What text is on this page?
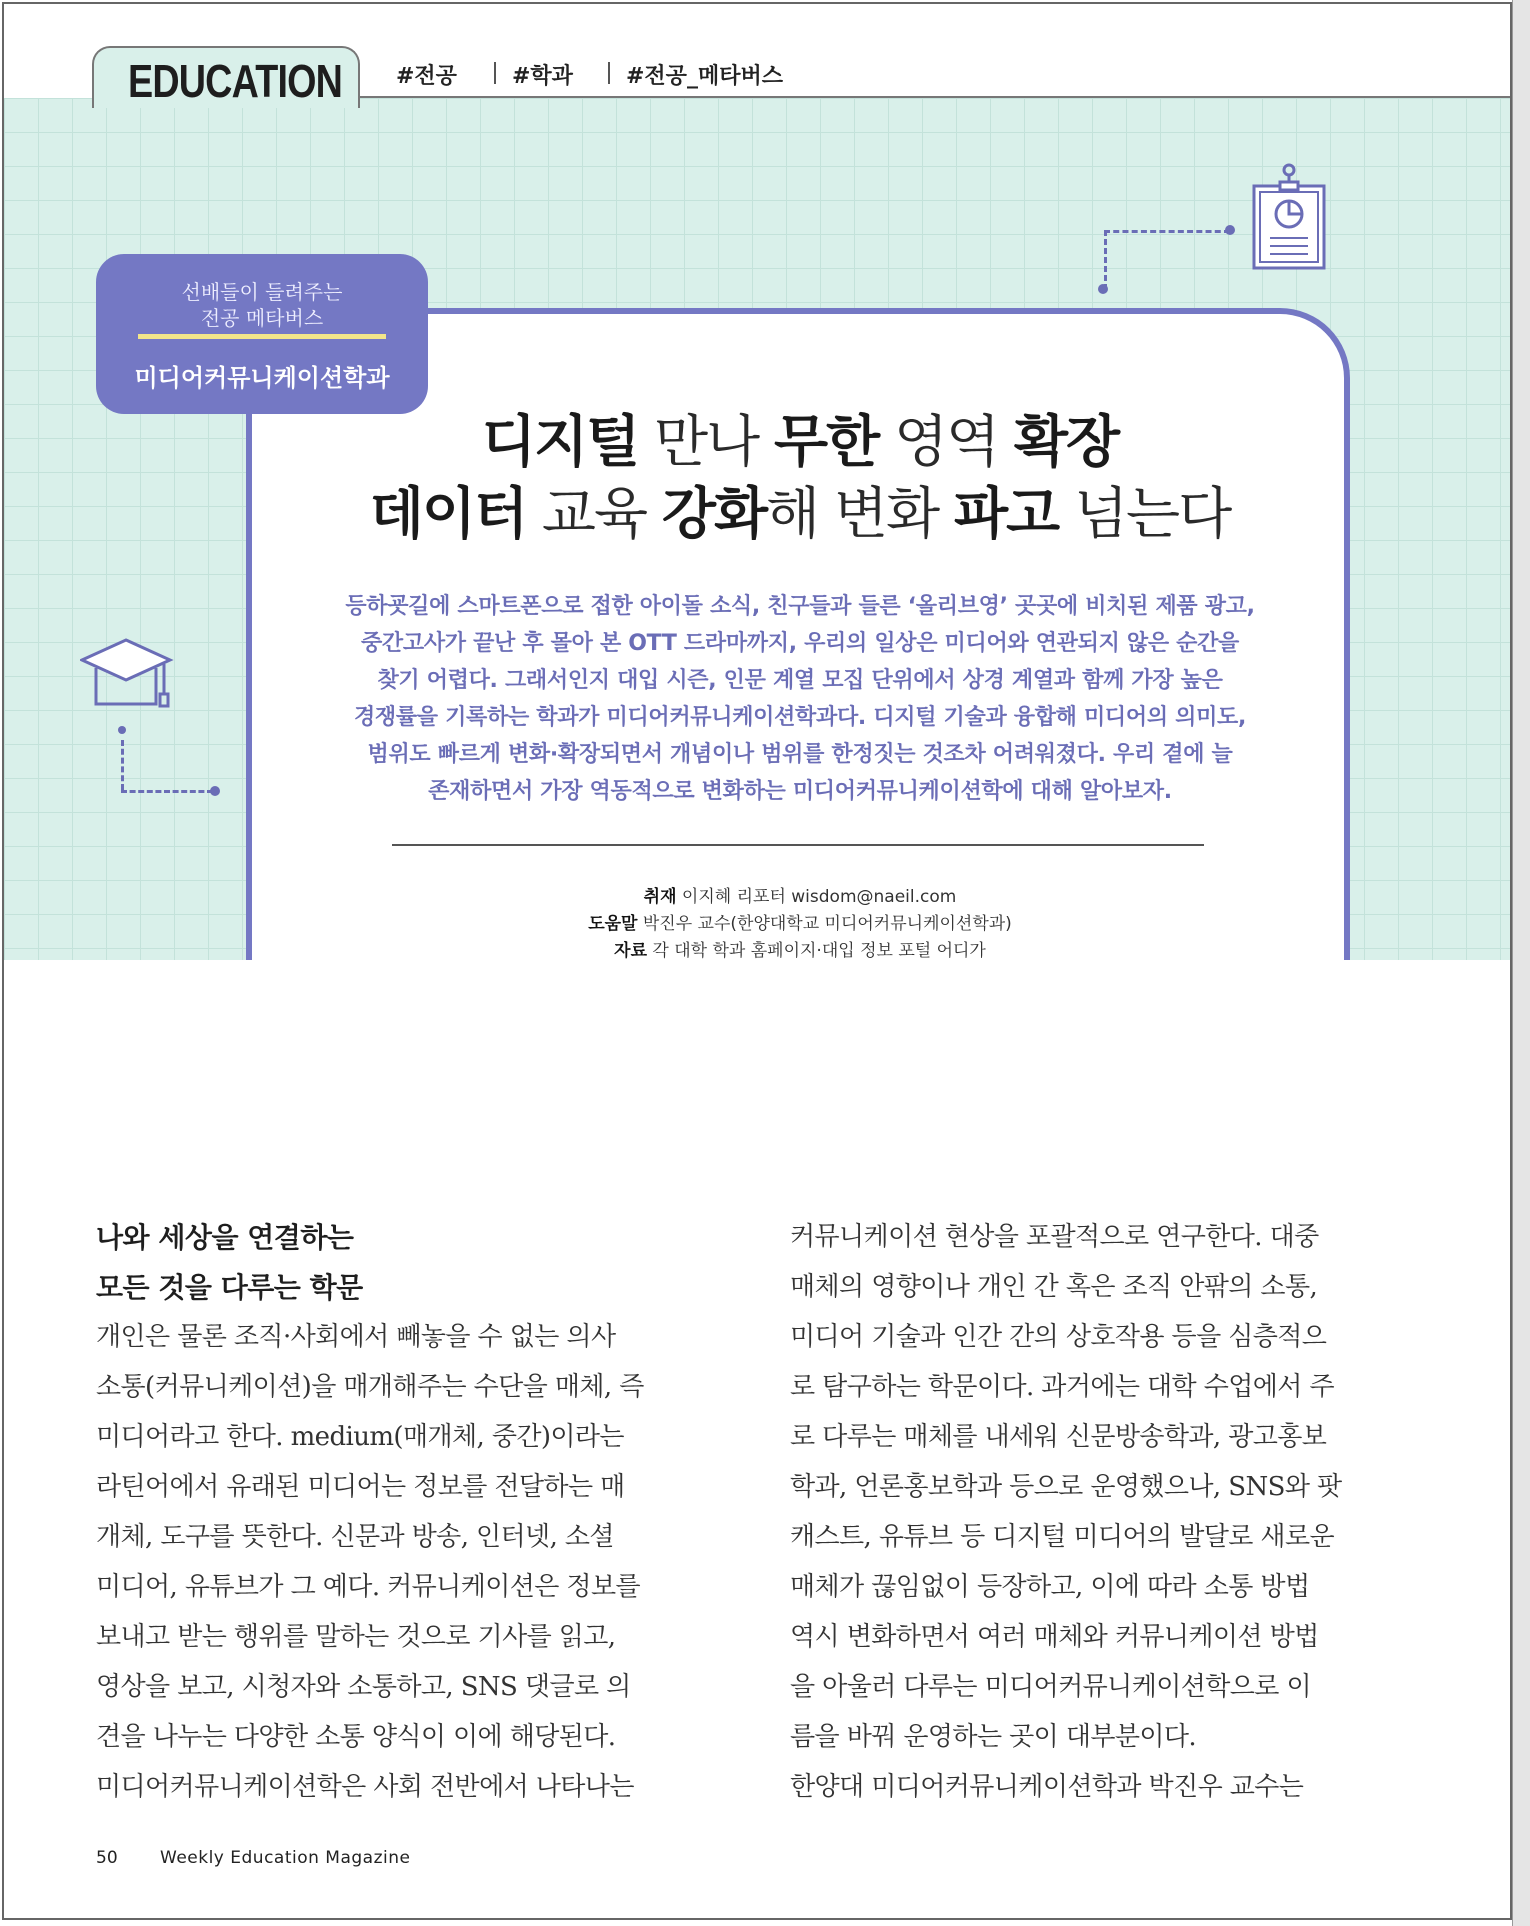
EDUCATION #전공	#학과 #전공_메타버스
선배들이 들려주는
전공 메타버스
미디어커뮤니케이션학과
디지털 만나 무한 영역 확장
데이터 교육 강화해 변화 파고 넘는다
등하굣길에 스마트폰으로 접한 아이돌 소식, 친구들과 들른 ‘올리브영’ 곳곳에 비치된 제품 광고,
중간고사가 끝난 후 몰아 본 OTT 드라마까지, 우리의 일상은 미디어와 연관되지 않은 순간을
찾기 어렵다. 그래서인지 대입 시즌, 인문 계열 모집 단위에서 상경 계열과 함께 가장 높은
경쟁률을 기록하는 학과가 미디어커뮤니케이션학과다. 디지털 기술과 융합해 미디어의 의미도,
범위도 빠르게 변화·확장되면서 개념이나 범위를 한정짓는 것조차 어려워졌다. 우리 곁에 늘
존재하면서 가장 역동적으로 변화하는 미디어커뮤니케이션학에 대해 알아보자.
취재 이지혜 리포터 wisdom@naeil.com
도움말 박진우 교수(한양대학교 미디어커뮤니케이션학과)
자료 각 대학 학과 홈페이지·대입 정보 포털 어디가
나와 세상을 연결하는
모든 것을 다루는 학문
개인은 물론 조직·사회에서 빼놓을 수 없는 의사
소통(커뮤니케이션)을 매개해주는 수단을 매체, 즉
미디어라고 한다. medium(매개체, 중간)이라는
라틴어에서 유래된 미디어는 정보를 전달하는 매
개체, 도구를 뜻한다. 신문과 방송, 인터넷, 소셜
미디어, 유튜브가 그 예다. 커뮤니케이션은 정보를
보내고 받는 행위를 말하는 것으로 기사를 읽고,
영상을 보고, 시청자와 소통하고, SNS 댓글로 의
견을 나누는 다양한 소통 양식이 이에 해당된다.
미디어커뮤니케이션학은 사회 전반에서 나타나는
커뮤니케이션 현상을 포괄적으로 연구한다. 대중
매체의 영향이나 개인 간 혹은 조직 안팎의 소통,
미디어 기술과 인간 간의 상호작용 등을 심층적으
로 탐구하는 학문이다. 과거에는 대학 수업에서 주
로 다루는 매체를 내세워 신문방송학과, 광고홍보
학과, 언론홍보학과 등으로 운영했으나, SNS와 팟
캐스트, 유튜브 등 디지털 미디어의 발달로 새로운
매체가 끊임없이 등장하고, 이에 따라 소통 방법
역시 변화하면서 여러 매체와 커뮤니케이션 방법
을 아울러 다루는 미디어커뮤니케이션학으로 이
름을 바꿔 운영하는 곳이 대부분이다.
한양대 미디어커뮤니케이션학과 박진우 교수는
50 Weekly Education Magazine
